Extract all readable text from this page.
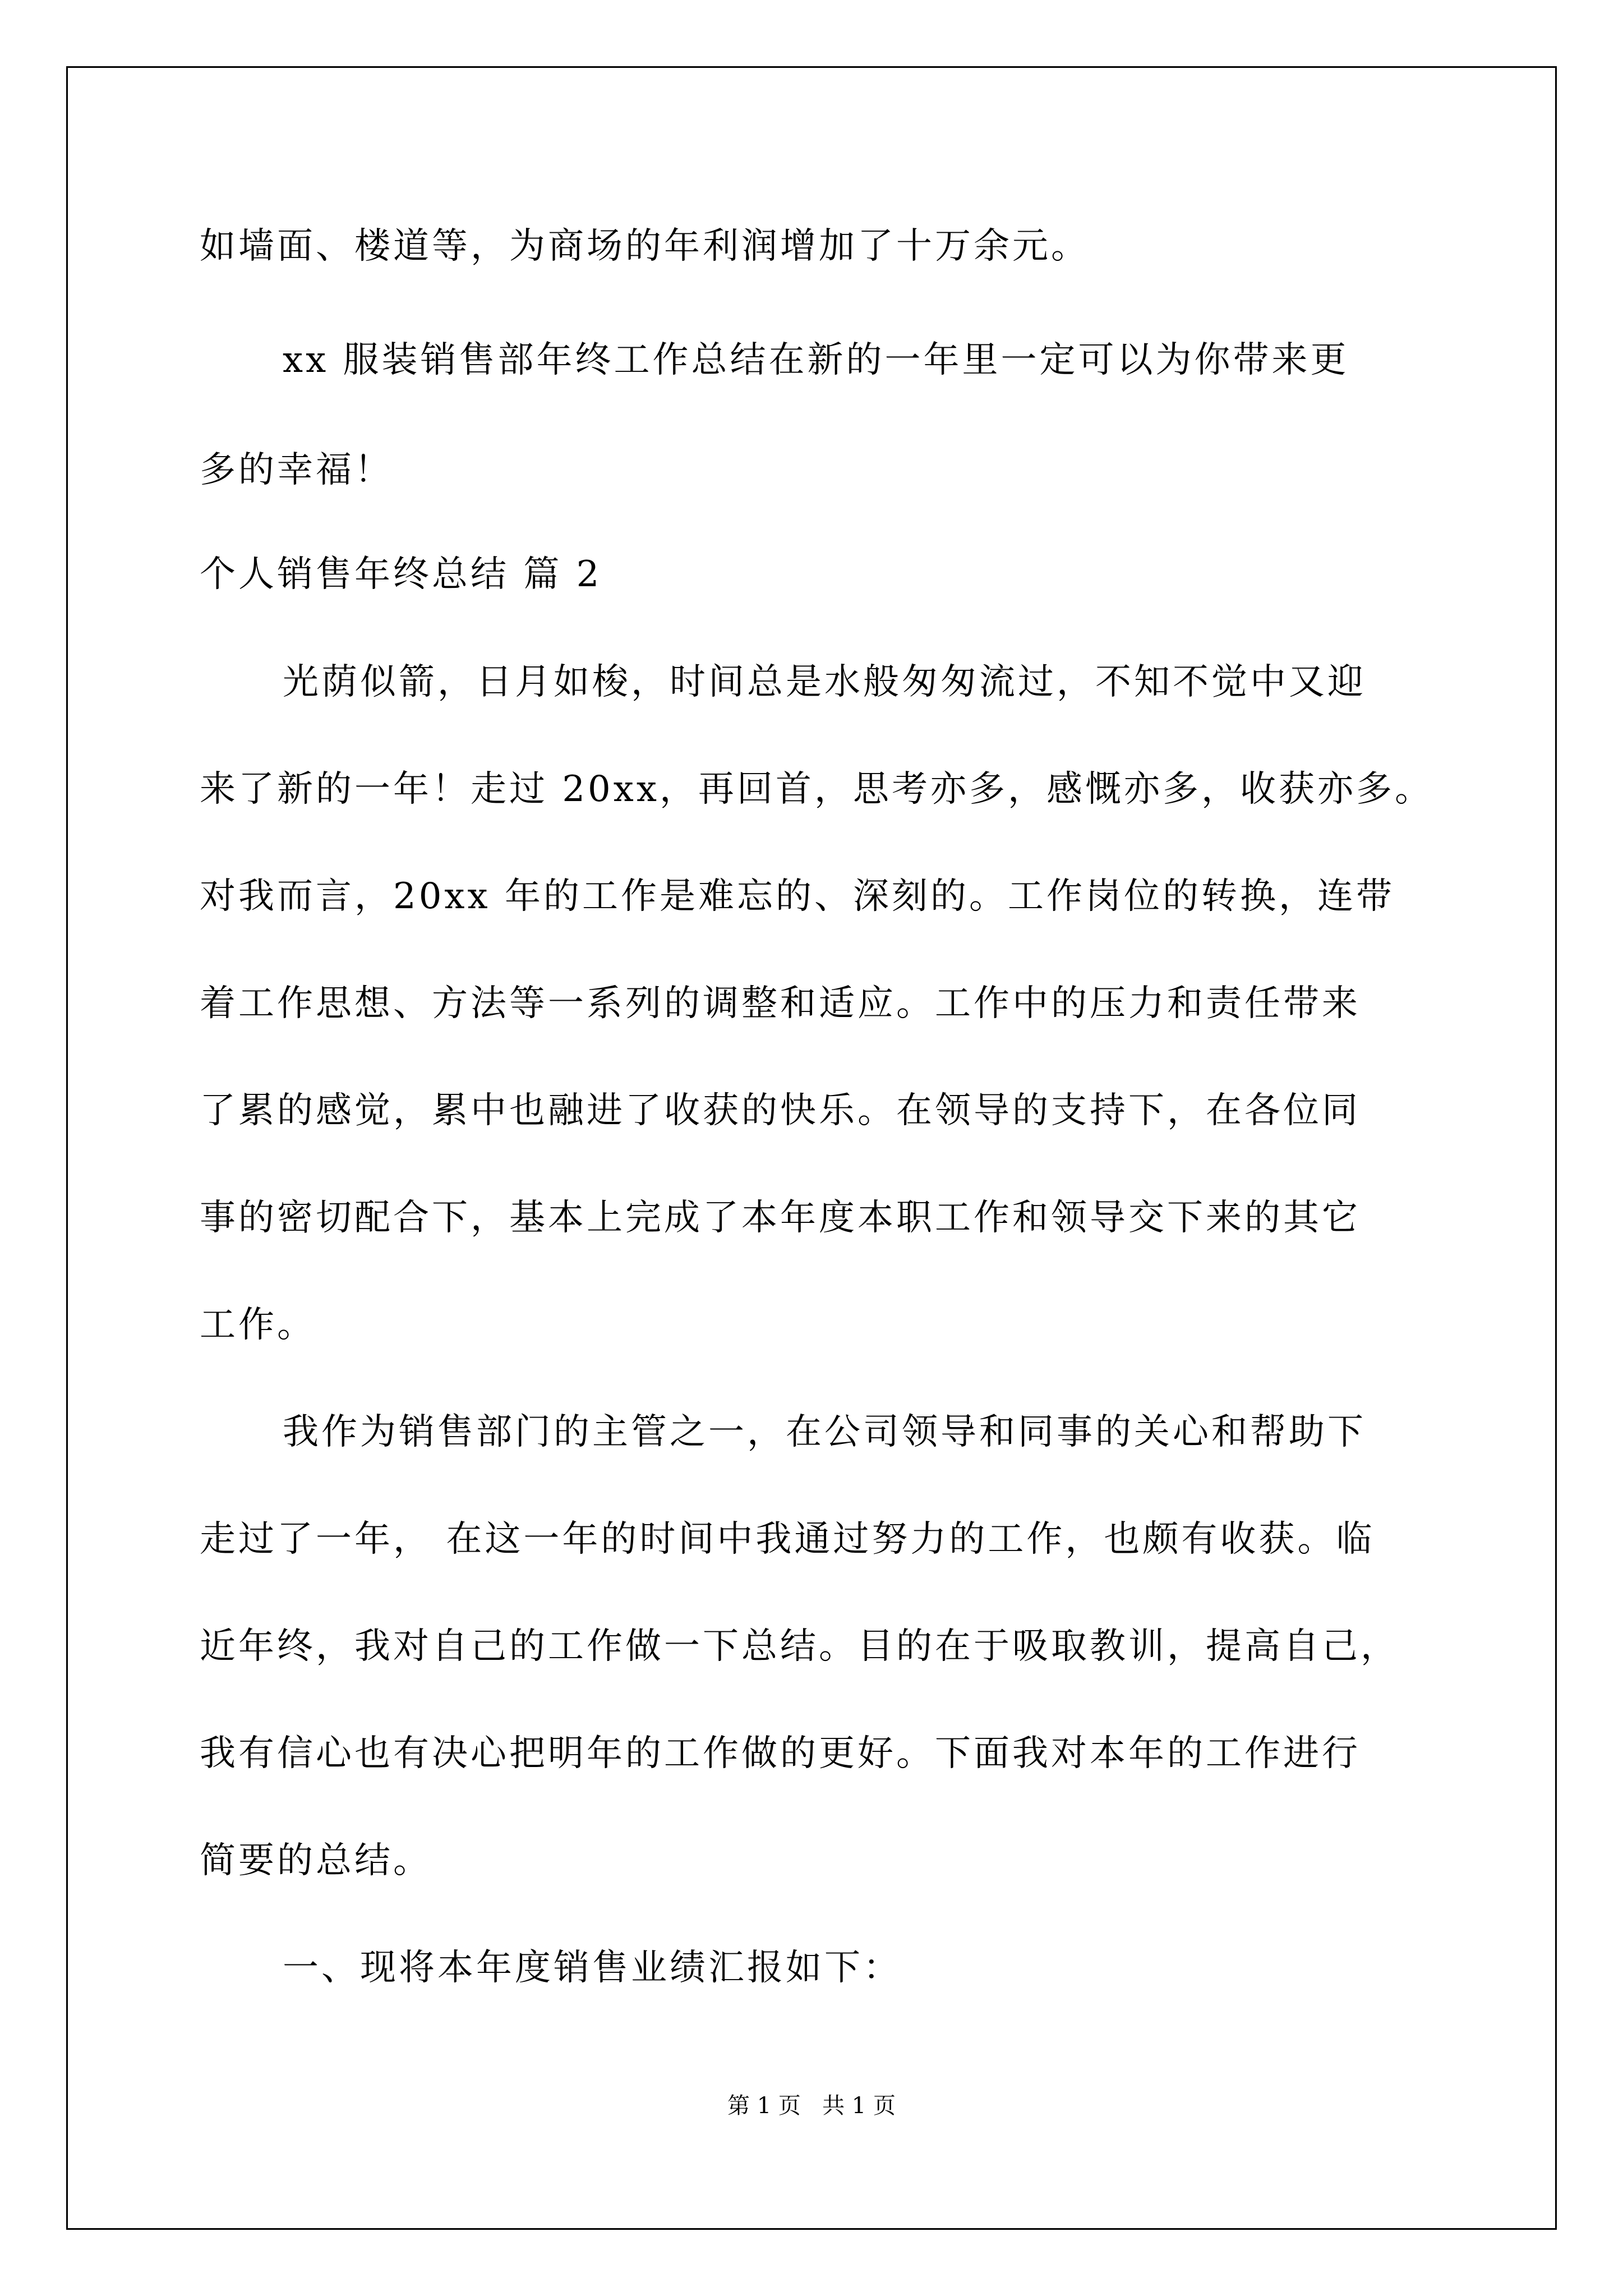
如墙面、楼道等，为商场的年利润增加了十万余元。
xx 服装销售部年终工作总结在新的一年里一定可以为你带来更
多的幸福！
个人销售年终总结 篇 2
光荫似箭，日月如梭，时间总是水般匆匆流过，不知不觉中又迎
来了新的一年！走过 20xx，再回首，思考亦多，感慨亦多，收获亦多。
对我而言，20xx 年的工作是难忘的、深刻的。工作岗位的转换，连带
着工作思想、方法等一系列的调整和适应。工作中的压力和责任带来
了累的感觉，累中也融进了收获的快乐。在领导的支持下，在各位同
事的密切配合下，基本上完成了本年度本职工作和领导交下来的其它
工作。
我作为销售部门的主管之一，在公司领导和同事的关心和帮助下
走过了一年， 在这一年的时间中我通过努力的工作，也颇有收获。临
近年终，我对自己的工作做一下总结。目的在于吸取教训，提高自己，
我有信心也有决心把明年的工作做的更好。下面我对本年的工作进行
简要的总结。
一、现将本年度销售业绩汇报如下：
第 1 页   共 1 页
